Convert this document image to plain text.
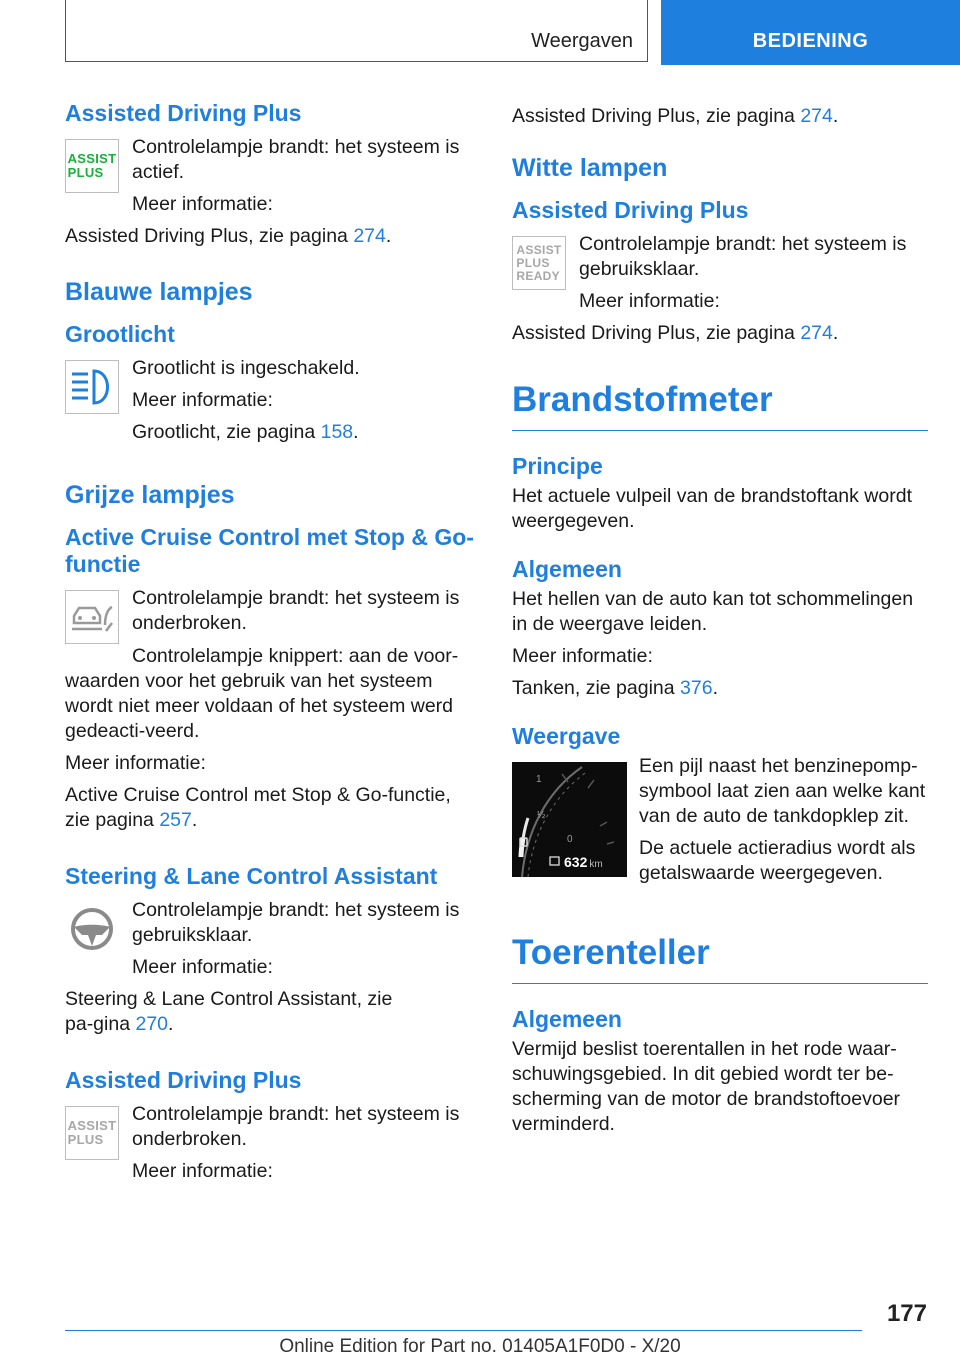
Weergaven	BEDIENING
Assisted Driving Plus
ASSIST
PLUS

Controlelampje brandt: het systeem is actief.

Meer informatie:

Assisted Driving Plus, zie pagina 274.

Blauwe lampjes
Grootlicht

Grootlicht is ingeschakeld.

Meer informatie:

Grootlicht, zie pagina 158.

Grijze lampjes
Active Cruise Control met Stop & Go-functie

Controlelampje brandt: het systeem is onderbroken.

Controlelampje knippert: aan de voor-waarden voor het gebruik van het systeem wordt niet meer voldaan of het systeem werd gedeacti-veerd.

Meer informatie:

Active Cruise Control met Stop & Go-functie, zie pagina 257.

Steering & Lane Control Assistant

Controlelampje brandt: het systeem is gebruiksklaar.

Meer informatie:

Steering & Lane Control Assistant, zie pa-gina 270.

Assisted Driving Plus
ASSIST
PLUS

Controlelampje brandt: het systeem is onderbroken.

Meer informatie:

Assisted Driving Plus, zie pagina 274.

Witte lampen
Assisted Driving Plus
ASSIST
PLUS
READY

Controlelampje brandt: het systeem is gebruiksklaar.

Meer informatie:

Assisted Driving Plus, zie pagina 274.

Brandstofmeter
Principe

Het actuele vulpeil van de brandstoftank wordt weergegeven.

Algemeen

Het hellen van de auto kan tot schommelingen in de weergave leiden.

Meer informatie:

Tanken, zie pagina 376.

Weergave
1
½
0
632 km

Een pijl naast het benzinepomp-symbool laat zien aan welke kant van de auto de tankdopklep zit.

De actuele actieradius wordt als getalswaarde weergegeven.

Toerenteller
Algemeen

Vermijd beslist toerentallen in het rode waar-schuwingsgebied. In dit gebied wordt ter be-scherming van de motor de brandstoftoevoer verminderd.

177
Online Edition for Part no. 01405A1F0D0 - X/20
